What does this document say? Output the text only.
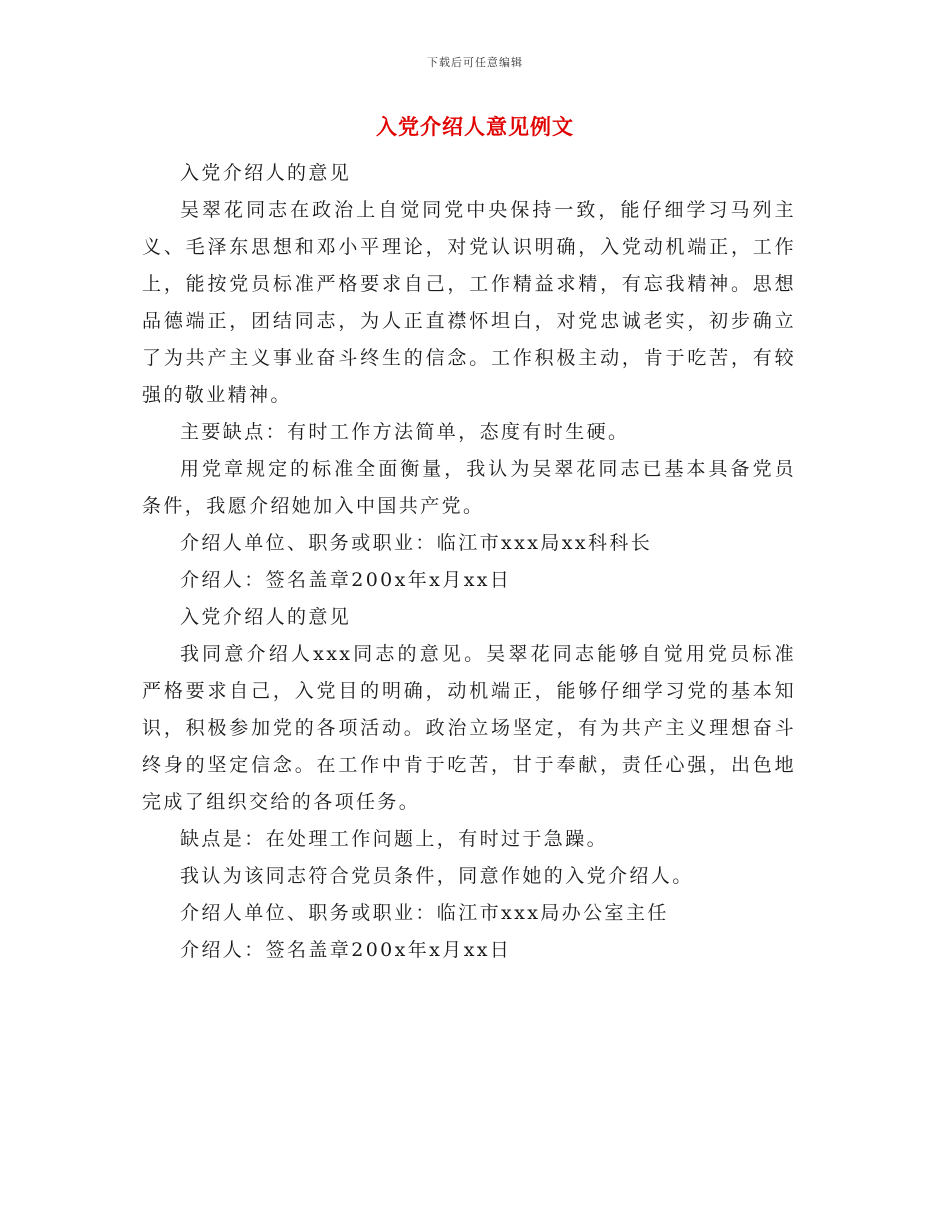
下载后可任意编辑
入党介绍人意见例文

入党介绍人的意见

吴翠花同志在政治上自觉同党中央保持一致，能仔细学习马列主义、毛泽东思想和邓小平理论，对党认识明确，入党动机端正，工作上，能按党员标准严格要求自己，工作精益求精，有忘我精神。思想品德端正，团结同志，为人正直襟怀坦白，对党忠诚老实，初步确立了为共产主义事业奋斗终生的信念。工作积极主动，肯于吃苦，有较强的敬业精神。

主要缺点：有时工作方法简单，态度有时生硬。

用党章规定的标准全面衡量，我认为吴翠花同志已基本具备党员条件，我愿介绍她加入中国共产党。

介绍人单位、职务或职业：临江市xxx局xx科科长

介绍人：签名盖章200x年x月xx日

入党介绍人的意见

我同意介绍人xxx同志的意见。吴翠花同志能够自觉用党员标准严格要求自己，入党目的明确，动机端正，能够仔细学习党的基本知识，积极参加党的各项活动。政治立场坚定，有为共产主义理想奋斗终身的坚定信念。在工作中肯于吃苦，甘于奉献，责任心强，出色地完成了组织交给的各项任务。

缺点是：在处理工作问题上，有时过于急躁。

我认为该同志符合党员条件，同意作她的入党介绍人。

介绍人单位、职务或职业：临江市xxx局办公室主任

介绍人：签名盖章200x年x月xx日
